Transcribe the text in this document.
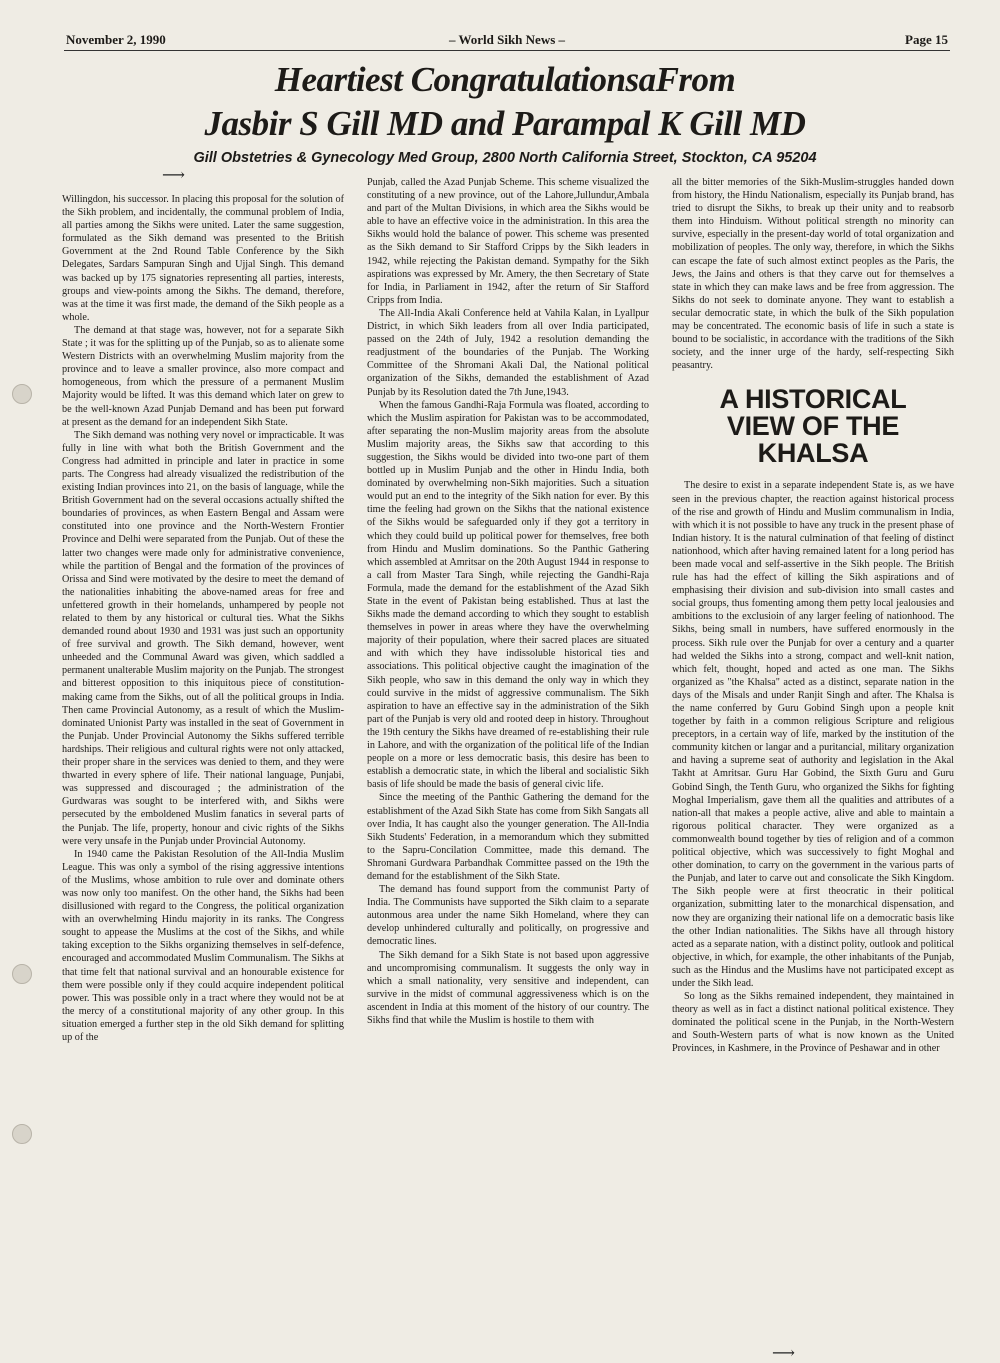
November 2, 1990	– World Sikh News –	Page 15
Heartiest CongratulationsaFrom
Jasbir S Gill MD and Parampal K Gill MD
Gill Obstetries & Gynecology Med Group, 2800 North California Street, Stockton, CA 95204
⟶

Willingdon, his successor. In placing this proposal for the solution of the Sikh problem, and incidentally, the communal problem of India, all parties among the Sikhs were united. Later the same suggestion, formulated as the Sikh demand was presented to the British Government at the 2nd Round Table Conference by the Sikh Delegates, Sardars Sampuran Singh and Ujjal Singh. This demand was backed up by 175 signatories representing all parties, interests, groups and view-points among the Sikhs. The demand, therefore, was at the time it was first made, the demand of the Sikh people as a whole.

The demand at that stage was, however, not for a separate Sikh State ; it was for the splitting up of the Punjab, so as to alienate some Western Districts with an overwhelming Muslim majority from the province and to leave a smaller province, also more compact and homogeneous, from which the pressure of a permanent Muslim Majority would be lifted. It was this demand which later on grew to be the well-known Azad Punjab Demand and has been put forward at present as the demand for an independent Sikh State.

The Sikh demand was nothing very novel or impracticable. It was fully in line with what both the British Government and the Congress had admitted in principle and later in practice in some parts. The Congress had already visualized the redistribution of the existing Indian provinces into 21, on the basis of language, while the British Government had on the several occasions actually shifted the boundaries of provinces, as when Eastern Bengal and Assam were constituted into one province and the North-Western Frontier Province and Delhi were separated from the Punjab. Out of these the latter two changes were made only for administrative convenience, while the partition of Bengal and the formation of the provinces of Orissa and Sind were motivated by the desire to meet the demand of the nationalities inhabiting the above-named areas for free and unfettered growth in their homelands, unhampered by people not related to them by any historical or cultural ties. What the Sikhs demanded round about 1930 and 1931 was just such an opportunity of free survival and growth. The Sikh demand, however, went unheeded and the Communal Award was given, which saddled a permanent unalterable Muslim majority on the Punjab. The strongest and bitterest opposition to this iniquitous piece of constitution-making came from the Sikhs, out of all the political groups in India. Then came Provincial Autonomy, as a result of which the Muslim-dominated Unionist Party was installed in the seat of Government in the Punjab. Under Provincial Autonomy the Sikhs suffered terrible hardships. Their religious and cultural rights were not only attacked, their proper share in the services was denied to them, and they were thwarted in every sphere of life. Their national language, Punjabi, was suppressed and discouraged ; the administration of the Gurdwaras was sought to be interfered with, and Sikhs were persecuted by the emboldened Muslim fanatics in several parts of the Punjab. The life, property, honour and civic rights of the Sikhs were very unsafe in the Punjab under Provincial Autonomy.

In 1940 came the Pakistan Resolution of the All-India Muslim League. This was only a symbol of the rising aggressive intentions of the Muslims, whose ambition to rule over and dominate others was now only too manifest. On the other hand, the Sikhs had been disillusioned with regard to the Congress, the political organization with an overwhelming Hindu majority in its ranks. The Congress sought to appease the Muslims at the cost of the Sikhs, and while taking exception to the Sikhs organizing themselves in self-defence, encouraged and accommodated Muslim Communalism. The Sikhs at that time felt that national survival and an honourable existence for them were possible only if they could acquire independent political power. This was possible only in a tract where they would not be at the mercy of a constitutional majority of any other group. In this situation emerged a further step in the old Sikh demand for splitting up of the

Punjab, called the Azad Punjab Scheme. This scheme visualized the constituting of a new province, out of the Lahore,Jullundur,Ambala and part of the Multan Divisions, in which area the Sikhs would be able to have an effective voice in the administration. In this area the Sikhs would hold the balance of power. This scheme was presented as the Sikh demand to Sir Stafford Cripps by the Sikh leaders in 1942, while rejecting the Pakistan demand. Sympathy for the Sikh aspirations was expressed by Mr. Amery, the then Secretary of State for India, in Parliament in 1942, after the return of Sir Stafford Cripps from India.

The All-India Akali Conference held at Vahila Kalan, in Lyallpur District, in which Sikh leaders from all over India participated, passed on the 24th of July, 1942 a resolution demanding the readjustment of the boundaries of the Punjab. The Working Committee of the Shromani Akali Dal, the National political organization of the Sikhs, demanded the establishment of Azad Punjab by its Resolution dated the 7th June,1943.

When the famous Gandhi-Raja Formula was floated, according to which the Muslim aspiration for Pakistan was to be accommodated, after separating the non-Muslim majority areas from the absolute Muslim majority areas, the Sikhs saw that according to this suggestion, the Sikhs would be divided into two-one part of them bottled up in Muslim Punjab and the other in Hindu India, both dominated by overwhelming non-Sikh majorities. Such a situation would put an end to the integrity of the Sikh nation for ever. By this time the feeling had grown on the Sikhs that the national existence of the Sikhs would be safeguarded only if they got a territory in which they could build up political power for themselves, free both from Hindu and Muslim dominations. So the Panthic Gathering which assembled at Amritsar on the 20th August 1944 in response to a call from Master Tara Singh, while rejecting the Gandhi-Raja Formula, made the demand for the establishment of the Azad Sikh State in the event of Pakistan being established. Thus at last the Sikhs made the demand according to which they sought to establish themselves in power in areas where they have the overwhelming majority of their population, where their sacred places are situated and with which they have indissoluble historical ties and associations. This political objective caught the imagination of the Sikh people, who saw in this demand the only way in which they could survive in the midst of aggressive communalism. The Sikh aspiration to have an effective say in the administration of the Sikh part of the Punjab is very old and rooted deep in history. Throughout the 19th century the Sikhs have dreamed of re-establishing their rule in Lahore, and with the organization of the political life of the Indian people on a more or less democratic basis, this desire has been to establish a democratic state, in which the liberal and socialistic Sikh basis of life should be made the basis of general civic life.

Since the meeting of the Panthic Gathering the demand for the establishment of the Azad Sikh State has come from Sikh Sangats all over India, It has caught also the younger generation. The All-India Sikh Students' Federation, in a memorandum which they submitted to the Sapru-Concilation Committee, made this demand. The Shromani Gurdwara Parbandhak Committee passed on the 19th the demand for the establishment of the Sikh State.

The demand has found support from the communist Party of India. The Communists have supported the Sikh claim to a separate autonmous area under the name Sikh Homeland, where they can develop unhindered culturally and politically, on progressive and democratic lines.

The Sikh demand for a Sikh State is not based upon aggressive and uncompromising communalism. It suggests the only way in which a small nationality, very sensitive and independent, can survive in the midst of communal aggressiveness which is on the ascendent in India at this moment of the history of our country. The Sikhs find that while the Muslim is hostile to them with

all the bitter memories of the Sikh-Muslim-struggles handed down from history, the Hindu Nationalism, especially its Punjab brand, has tried to disrupt the Sikhs, to break up their unity and to reabsorb them into Hinduism. Without political strength no minority can survive, especially in the present-day world of total organization and mobilization of peoples. The only way, therefore, in which the Sikhs can escape the fate of such almost extinct peoples as the Paris, the Jews, the Jains and others is that they carve out for themselves a state in which they can make laws and be free from aggression. The Sikhs do not seek to dominate anyone. They want to establish a secular democratic state, in which the bulk of the Sikh population may be concentrated. The economic basis of life in such a state is bound to be socialistic, in accordance with the traditions of the Sikh society, and the inner urge of the hardy, self-respecting Sikh peasantry.

A HISTORICAL
VIEW OF THE
KHALSA

The desire to exist in a separate independent State is, as we have seen in the previous chapter, the reaction against historical process of the rise and growth of Hindu and Muslim communalism in India, with which it is not possible to have any truck in the present phase of Indian history. It is the natural culmination of that feeling of distinct nationhood, which after having remained latent for a long period has been made vocal and self-assertive in the Sikh people. The British rule has had the effect of killing the Sikh aspirations and of emphasising their division and sub-division into small castes and social groups, thus fomenting among them petty local jealousies and ambitions to the exclusioin of any larger feeling of nationhood. The Sikhs, being small in numbers, have suffered enormously in the process. Sikh rule over the Punjab for over a century and a quarter had welded the Sikhs into a strong, compact and well-knit nation, which felt, thought, hoped and acted as one man. The Sikhs organized as "the Khalsa" acted as a distinct, separate nation in the days of the Misals and under Ranjit Singh and after. The Khalsa is the name conferred by Guru Gobind Singh upon a people knit together by faith in a common religious Scripture and religious preceptors, in a certain way of life, marked by the institution of the community kitchen or langar and a puritancial, military organization and having a supreme seat of authority and legislation in the Akal Takht at Amritsar. Guru Har Gobind, the Sixth Guru and Guru Gobind Singh, the Tenth Guru, who organized the Sikhs for fighting Moghal Imperialism, gave them all the qualities and attributes of a nation-all that makes a people active, alive and able to maintain a rigorous political character. They were organized as a commonwealth bound together by ties of religion and of a common political objective, which was successively to fight Moghal and other domination, to carry on the government in the various parts of the Punjab, and later to carve out and consolicate the Sikh Kingdom. The Sikh people were at first theocratic in their political organization, submitting later to the monarchical dispensation, and now they are organizing their national life on a democratic basis like the other Indian nationalities. The Sikhs have all through history acted as a separate nation, with a distinct polity, outlook and political objective, in which, for example, the other inhabitants of the Punjab, such as the Hindus and the Muslims have not participated except as under the Sikh lead.

So long as the Sikhs remained independent, they maintained in theory as well as in fact a distinct national political existence. They dominated the political scene in the Punjab, in the North-Western and South-Western parts of what is now known as the United Provinces, in Kashmere, in the Province of Peshawar and in other

⟶
